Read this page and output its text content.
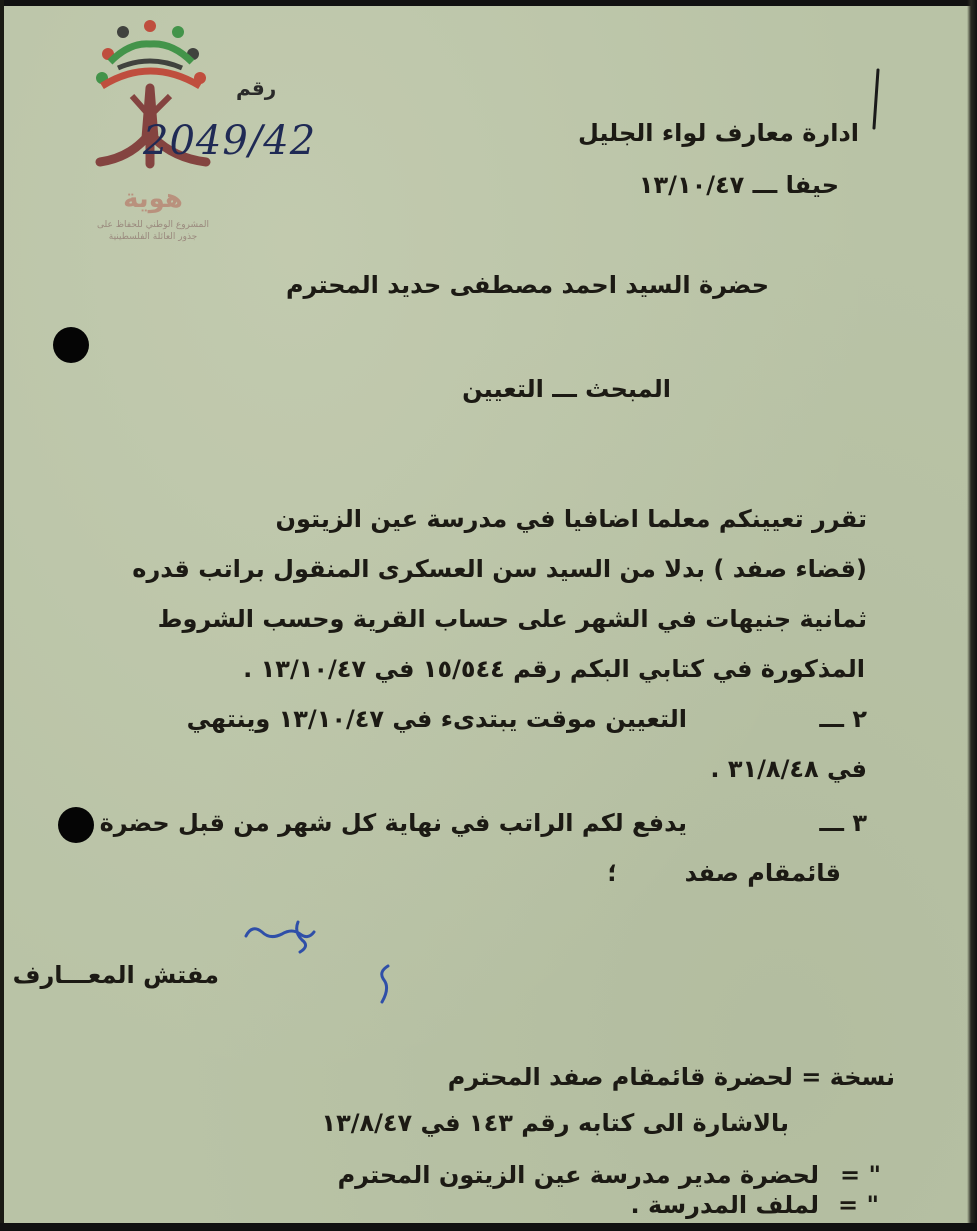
هوية
المشروع الوطني للحفاظ على
جذور العائلة الفلسطينية
رقم
2049/42	ادارة معارف لواء الجليل
حيفا ـــ ١٣/١٠/٤٧
حضرة السيد احمد مصطفى حديد المحترم
المبحث ـــ التعيين
تقرر تعيينكم معلما اضافيا في مدرسة عين الزيتون
(قضاء صفد ) بدلا من السيد سن العسكرى المنقول براتب قدره
ثمانية جنيهات في الشهر على حساب القرية وحسب الشروط
المذكورة في كتابي البكم رقم ١٥/٥٤٤ في ١٣/١٠/٤٧ .
٢ ـــ
التعيين موقت يبتدىء في ١٣/١٠/٤٧ وينتهي
في ٣١/٨/٤٨ .
٣ ـــ
يدفع لكم الراتب في نهاية كل شهر من قبل حضرة
قائمقام صفد
؛
مفتش المعـــارف
نسخة = لحضرة قائمقام صفد المحترم
بالاشارة الى كتابه رقم ١٤٣ في ١٣/٨/٤٧
" =
لحضرة مدير مدرسة عين الزيتون المحترم
" =
لملف المدرسة .
